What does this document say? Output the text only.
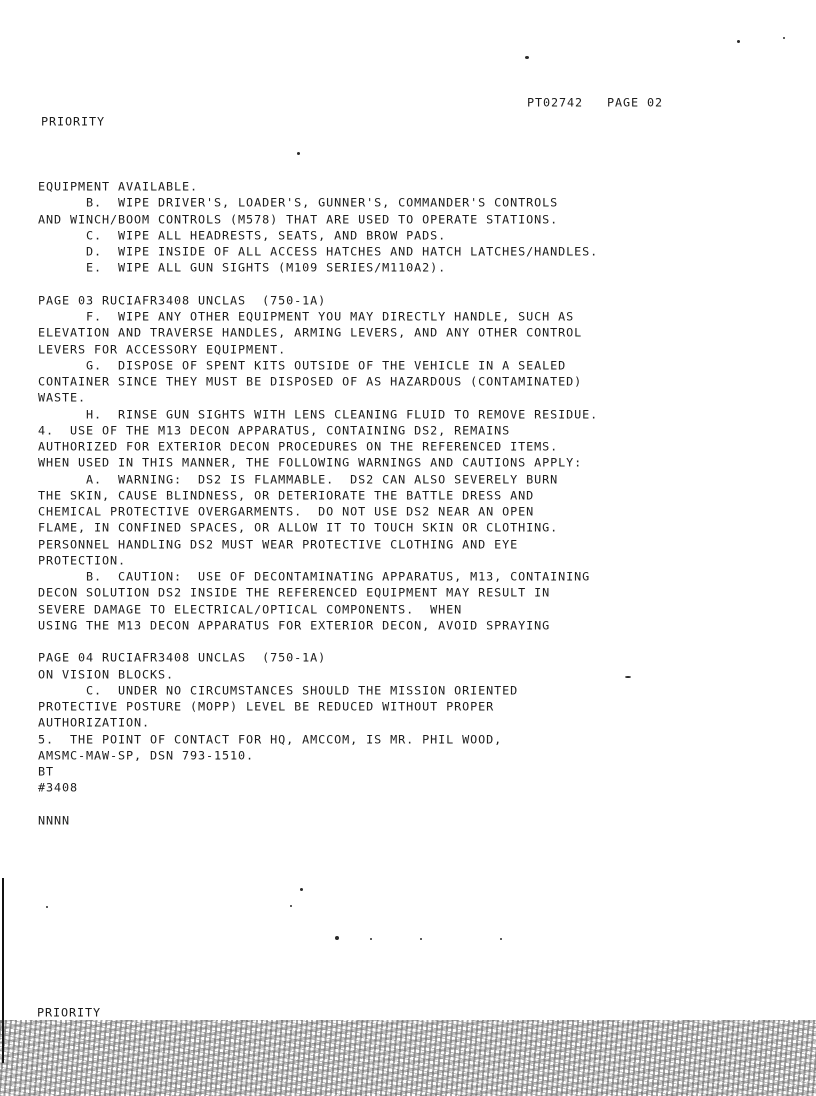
PT02742   PAGE 02
PRIORITY
EQUIPMENT AVAILABLE.
B.  WIPE DRIVER'S, LOADER'S, GUNNER'S, COMMANDER'S CONTROLS
AND WINCH/BOOM CONTROLS (M578) THAT ARE USED TO OPERATE STATIONS.
C.  WIPE ALL HEADRESTS, SEATS, AND BROW PADS.
D.  WIPE INSIDE OF ALL ACCESS HATCHES AND HATCH LATCHES/HANDLES.
E.  WIPE ALL GUN SIGHTS (M109 SERIES/M110A2).
PAGE 03 RUCIAFR3408 UNCLAS  (750-1A)
F.  WIPE ANY OTHER EQUIPMENT YOU MAY DIRECTLY HANDLE, SUCH AS
ELEVATION AND TRAVERSE HANDLES, ARMING LEVERS, AND ANY OTHER CONTROL
LEVERS FOR ACCESSORY EQUIPMENT.
G.  DISPOSE OF SPENT KITS OUTSIDE OF THE VEHICLE IN A SEALED
CONTAINER SINCE THEY MUST BE DISPOSED OF AS HAZARDOUS (CONTAMINATED)
WASTE.
H.  RINSE GUN SIGHTS WITH LENS CLEANING FLUID TO REMOVE RESIDUE.
4.  USE OF THE M13 DECON APPARATUS, CONTAINING DS2, REMAINS
AUTHORIZED FOR EXTERIOR DECON PROCEDURES ON THE REFERENCED ITEMS.
WHEN USED IN THIS MANNER, THE FOLLOWING WARNINGS AND CAUTIONS APPLY:
A.  WARNING:  DS2 IS FLAMMABLE.  DS2 CAN ALSO SEVERELY BURN
THE SKIN, CAUSE BLINDNESS, OR DETERIORATE THE BATTLE DRESS AND
CHEMICAL PROTECTIVE OVERGARMENTS.  DO NOT USE DS2 NEAR AN OPEN
FLAME, IN CONFINED SPACES, OR ALLOW IT TO TOUCH SKIN OR CLOTHING.
PERSONNEL HANDLING DS2 MUST WEAR PROTECTIVE CLOTHING AND EYE
PROTECTION.
B.  CAUTION:  USE OF DECONTAMINATING APPARATUS, M13, CONTAINING
DECON SOLUTION DS2 INSIDE THE REFERENCED EQUIPMENT MAY RESULT IN
SEVERE DAMAGE TO ELECTRICAL/OPTICAL COMPONENTS.  WHEN
USING THE M13 DECON APPARATUS FOR EXTERIOR DECON, AVOID SPRAYING
PAGE 04 RUCIAFR3408 UNCLAS  (750-1A)
ON VISION BLOCKS.
C.  UNDER NO CIRCUMSTANCES SHOULD THE MISSION ORIENTED
PROTECTIVE POSTURE (MOPP) LEVEL BE REDUCED WITHOUT PROPER
AUTHORIZATION.
5.  THE POINT OF CONTACT FOR HQ, AMCCOM, IS MR. PHIL WOOD,
AMSMC-MAW-SP, DSN 793-1510.
BT
#3408
NNNN
PRIORITY
